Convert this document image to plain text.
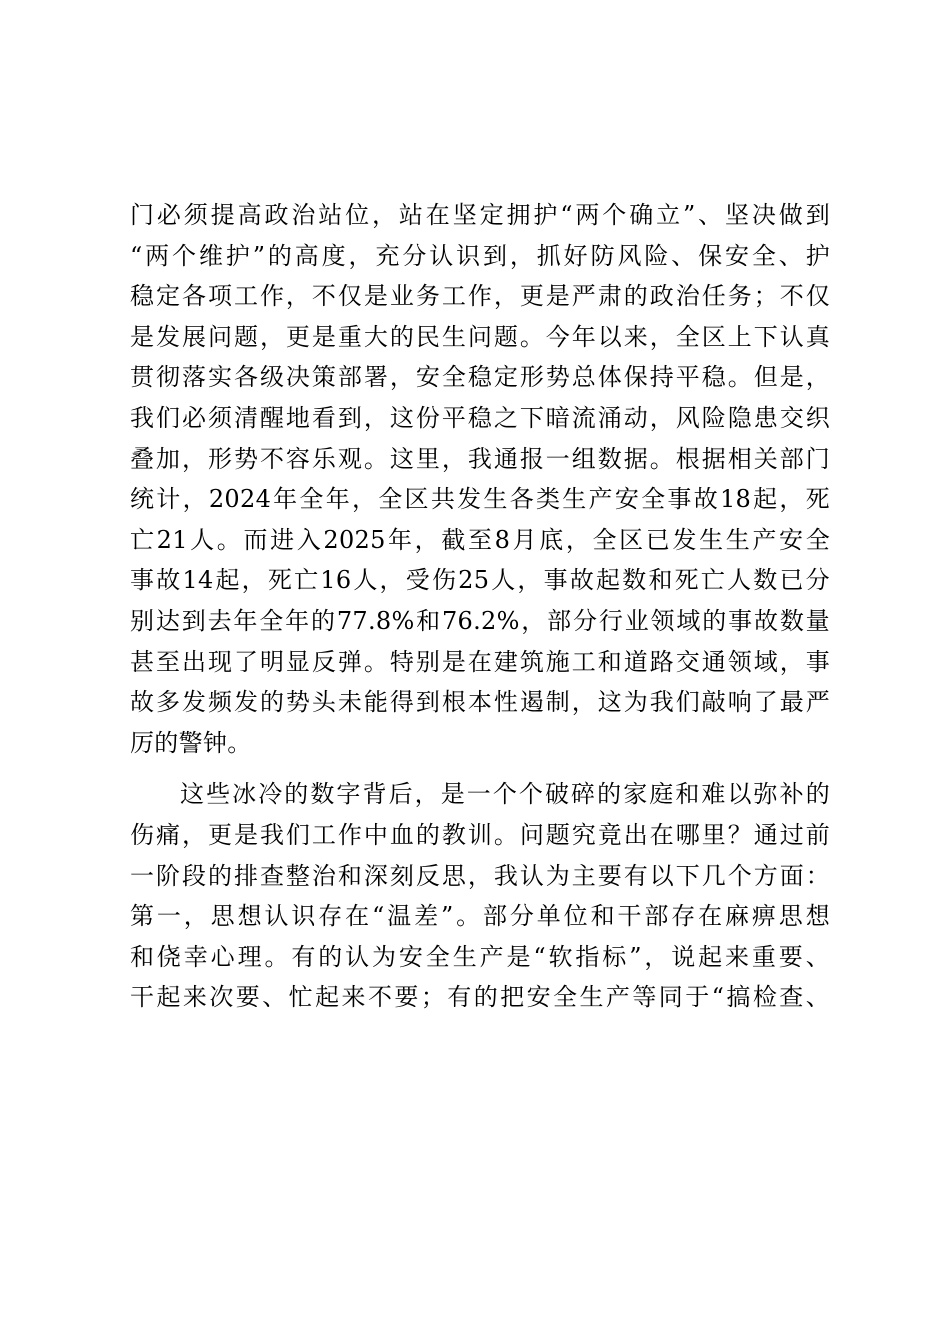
门必须提高政治站位，站在坚定拥护“两个确立”、坚决做到
“两个维护”的高度，充分认识到，抓好防风险、保安全、护
稳定各项工作，不仅是业务工作，更是严肃的政治任务；不仅
是发展问题，更是重大的民生问题。今年以来，全区上下认真
贯彻落实各级决策部署，安全稳定形势总体保持平稳。但是，
我们必须清醒地看到，这份平稳之下暗流涌动，风险隐患交织
叠加，形势不容乐观。这里，我通报一组数据。根据相关部门
统计，2024年全年，全区共发生各类生产安全事故18起，死
亡21人。而进入2025年，截至8月底，全区已发生生产安全
事故14起，死亡16人，受伤25人，事故起数和死亡人数已分
别达到去年全年的77.8%和76.2%，部分行业领域的事故数量
甚至出现了明显反弹。特别是在建筑施工和道路交通领域，事
故多发频发的势头未能得到根本性遏制，这为我们敲响了最严
厉的警钟。
这些冰冷的数字背后，是一个个破碎的家庭和难以弥补的
伤痛，更是我们工作中血的教训。问题究竟出在哪里？通过前
一阶段的排查整治和深刻反思，我认为主要有以下几个方面：
第一，思想认识存在“温差”。部分单位和干部存在麻痹思想
和侥幸心理。有的认为安全生产是“软指标”，说起来重要、
干起来次要、忙起来不要；有的把安全生产等同于“搞检查、
